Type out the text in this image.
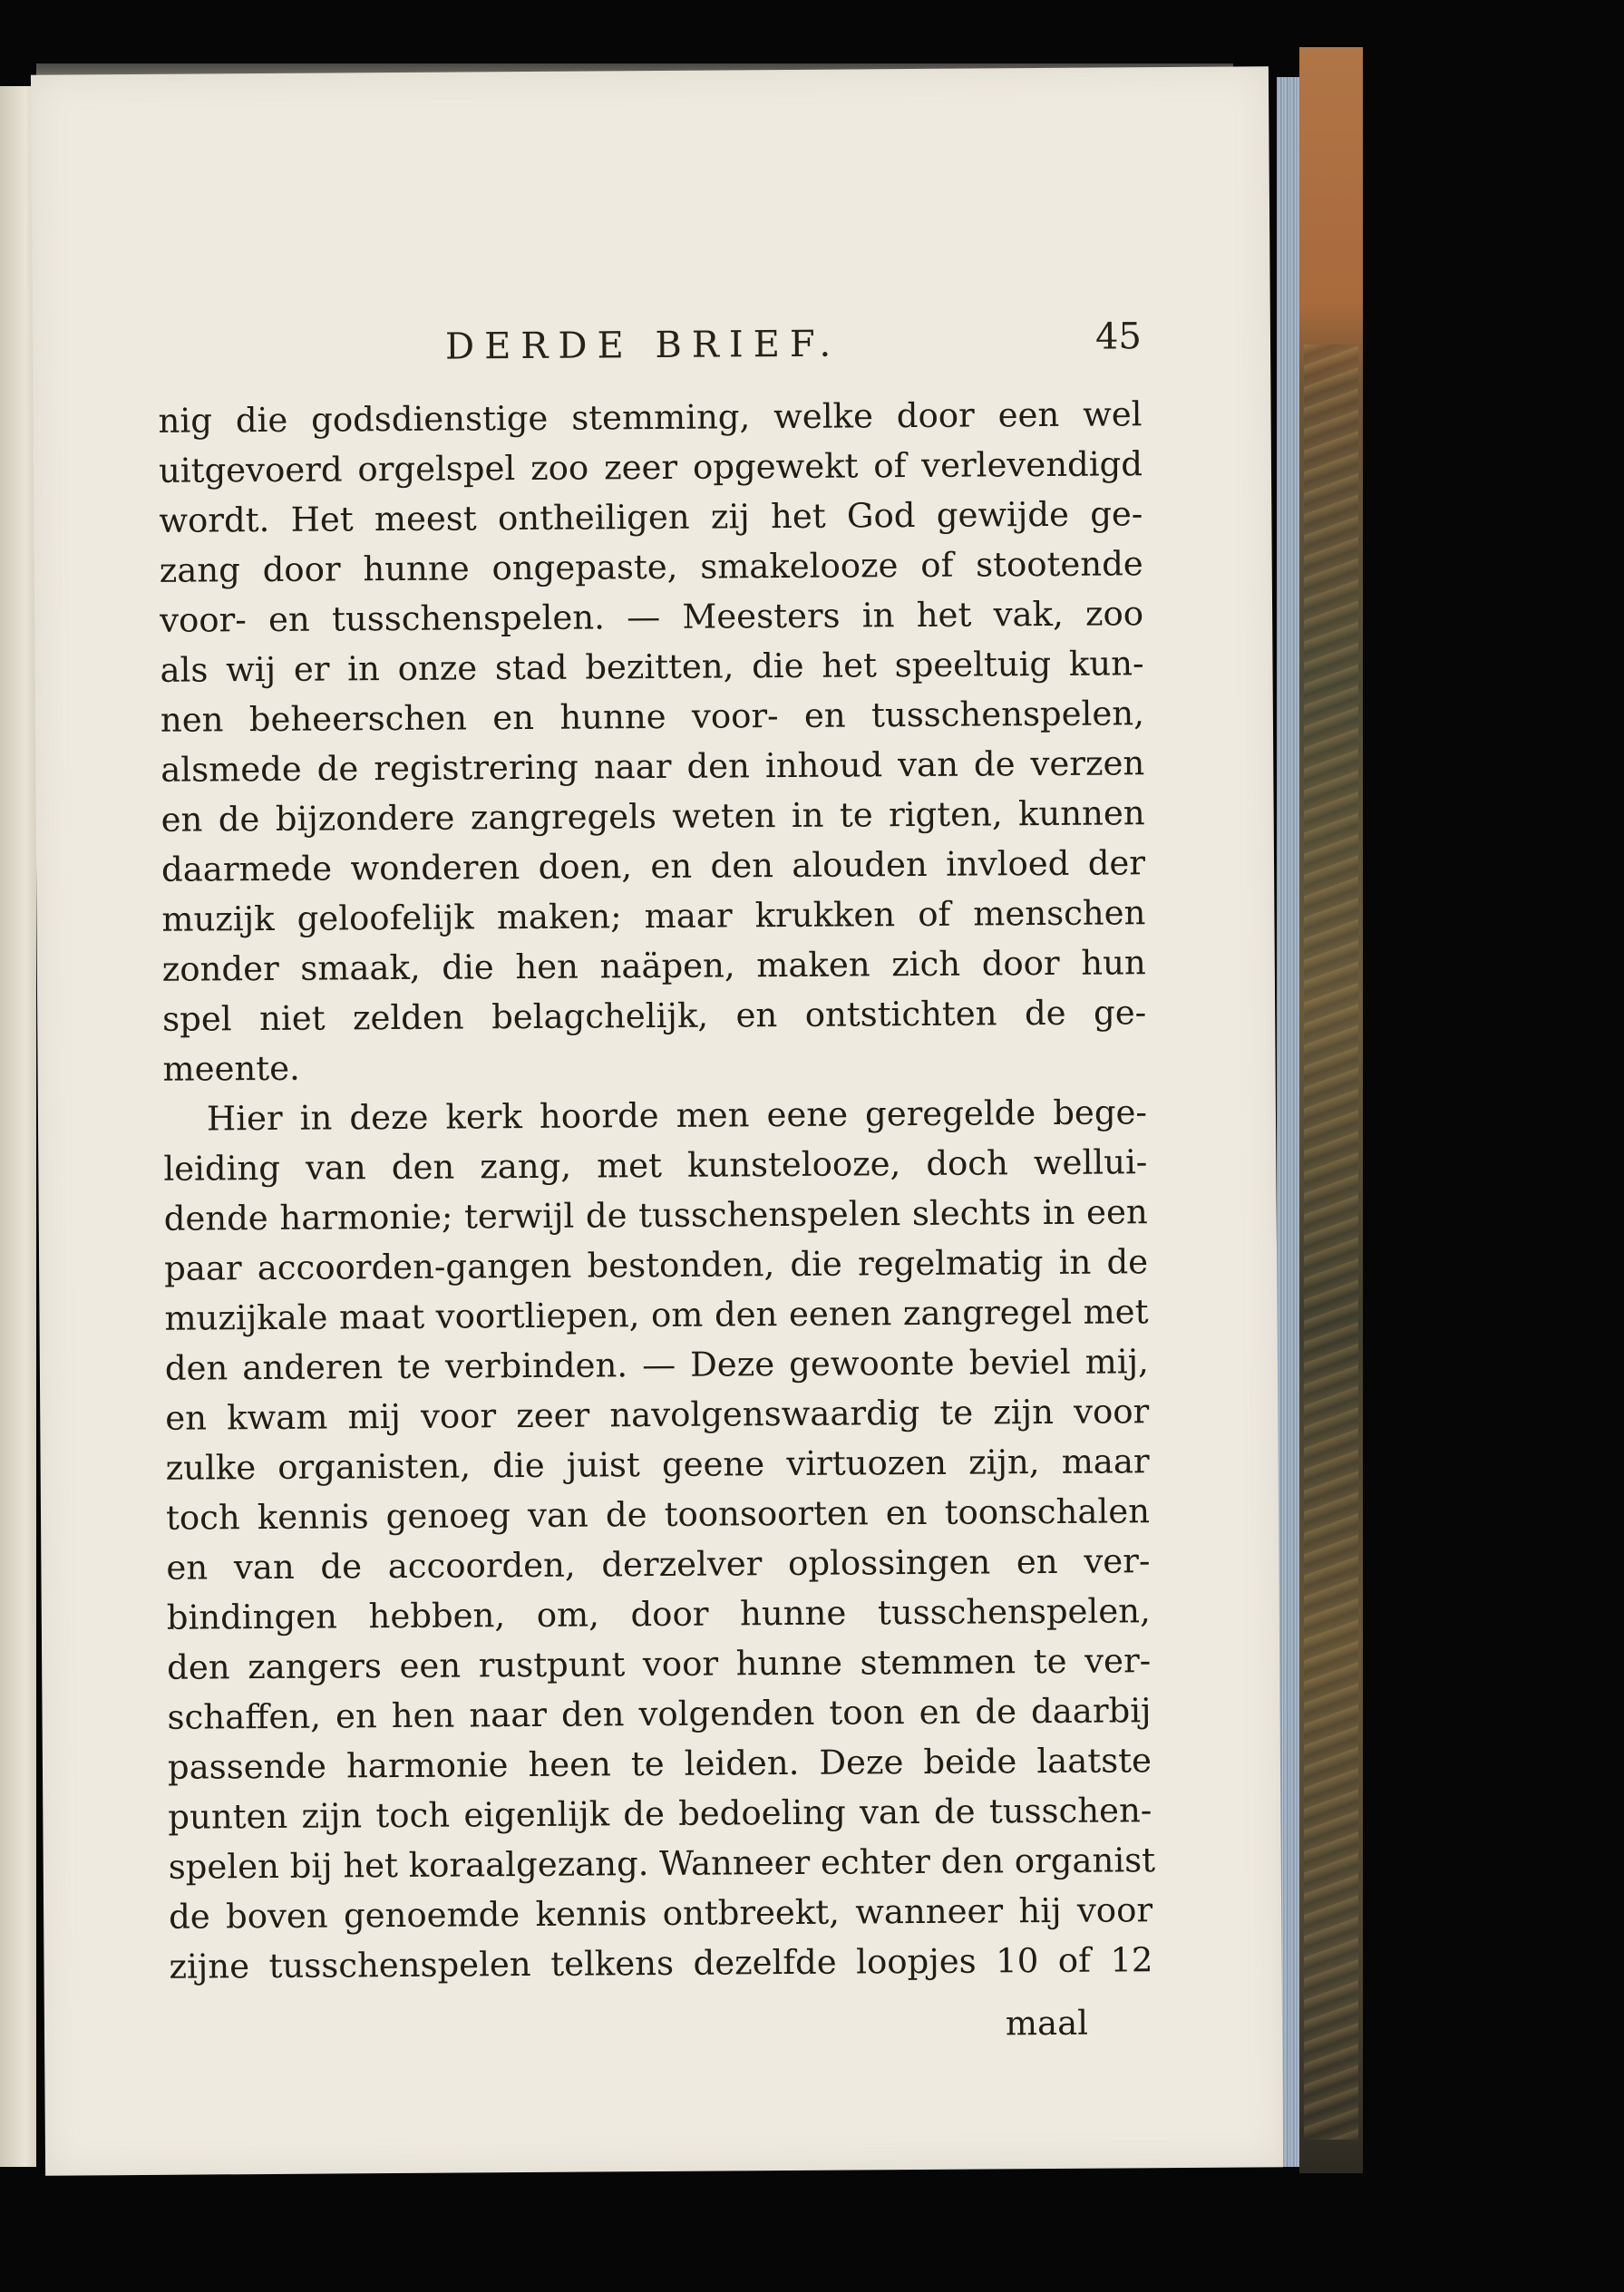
DERDE BRIEF.	45
nig die godsdienstige stemming, welke door een wel
uitgevoerd orgelspel zoo zeer opgewekt of verlevendigd
wordt. Het meest ontheiligen zij het God gewijde ge-
zang door hunne ongepaste, smakelooze of stootende
voor- en tusschenspelen. — Meesters in het vak, zoo
als wij er in onze stad bezitten, die het speeltuig kun-
nen beheerschen en hunne voor- en tusschenspelen,
alsmede de registrering naar den inhoud van de verzen
en de bijzondere zangregels weten in te rigten, kunnen
daarmede wonderen doen, en den alouden invloed der
muzijk geloofelijk maken; maar krukken of menschen
zonder smaak, die hen naäpen, maken zich door hun
spel niet zelden belagchelijk, en ontstichten de ge-
meente.
Hier in deze kerk hoorde men eene geregelde bege-
leiding van den zang, met kunstelooze, doch wellui-
dende harmonie; terwijl de tusschenspelen slechts in een
paar accoorden-gangen bestonden, die regelmatig in de
muzijkale maat voortliepen, om den eenen zangregel met
den anderen te verbinden. — Deze gewoonte beviel mij,
en kwam mij voor zeer navolgenswaardig te zijn voor
zulke organisten, die juist geene virtuozen zijn, maar
toch kennis genoeg van de toonsoorten en toonschalen
en van de accoorden, derzelver oplossingen en ver-
bindingen hebben, om, door hunne tusschenspelen,
den zangers een rustpunt voor hunne stemmen te ver-
schaffen, en hen naar den volgenden toon en de daarbij
passende harmonie heen te leiden. Deze beide laatste
punten zijn toch eigenlijk de bedoeling van de tusschen-
spelen bij het koraalgezang. Wanneer echter den organist
de boven genoemde kennis ontbreekt, wanneer hij voor
zijne tusschenspelen telkens dezelfde loopjes 10 of 12
maal
